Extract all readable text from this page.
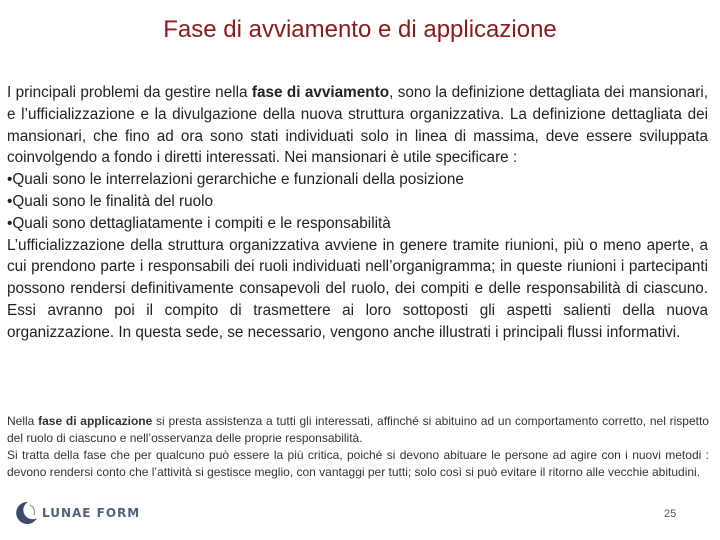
Fase di avviamento e di applicazione

I principali problemi da gestire nella fase di avviamento, sono la definizione dettagliata dei mansionari, e l’ufficializzazione e la divulgazione della nuova struttura organizzativa. La definizione dettagliata dei mansionari, che fino ad ora sono stati individuati solo in linea di massima, deve essere sviluppata coinvolgendo a fondo i diretti interessati. Nei mansionari è utile specificare :

•Quali sono le interrelazioni gerarchiche e funzionali della posizione

•Quali sono le finalità del ruolo

•Quali sono dettagliatamente i compiti e le responsabilità

L’ufficializzazione della struttura organizzativa avviene in genere tramite riunioni, più o meno aperte, a cui prendono parte i responsabili dei ruoli individuati nell’organigramma; in queste riunioni i partecipanti possono rendersi definitivamente consapevoli del ruolo, dei compiti e delle responsabilità di ciascuno. Essi avranno poi il compito di trasmettere ai loro sottoposti gli aspetti salienti della nuova organizzazione. In questa sede, se necessario, vengono anche illustrati i principali flussi informativi.

Nella fase di applicazione si presta assistenza a tutti gli interessati, affinché si abituino ad un comportamento corretto, nel rispetto del ruolo di ciascuno e nell’osservanza delle proprie responsabilità.

Si tratta della fase che per qualcuno può essere la più critica, poiché si devono abituare le persone ad agire con i nuovi metodi : devono rendersi conto che l’attività si gestisce meglio, con vantaggi per tutti; solo così si può evitare il ritorno alle vecchie abitudini.

LUNAE FORM	25
